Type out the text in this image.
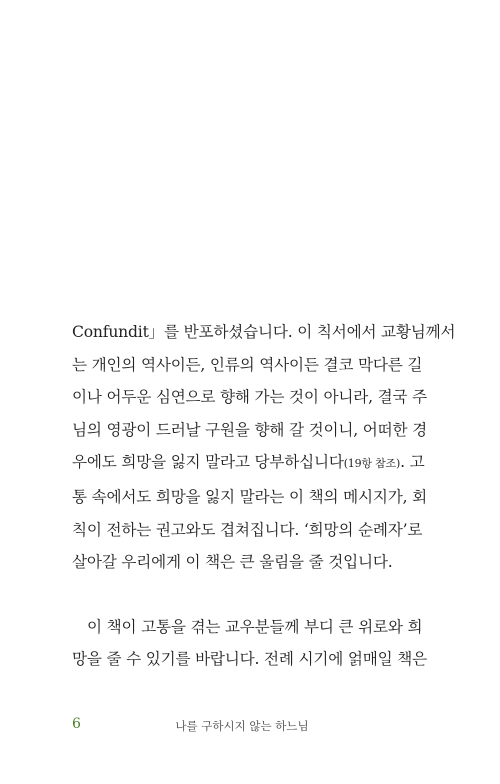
Confundit」를 반포하셨습니다. 이 칙서에서 교황님께서
는 개인의 역사이든, 인류의 역사이든 결코 막다른 길
이나 어두운 심연으로 향해 가는 것이 아니라, 결국 주
님의 영광이 드러날 구원을 향해 갈 것이니, 어떠한 경
우에도 희망을 잃지 말라고 당부하십니다(19항 참조). 고
통 속에서도 희망을 잃지 말라는 이 책의 메시지가, 회
칙이 전하는 권고와도 겹쳐집니다. ‘희망의 순례자’로
살아갈 우리에게 이 책은 큰 울림을 줄 것입니다.
이 책이 고통을 겪는 교우분들께 부디 큰 위로와 희
망을 줄 수 있기를 바랍니다. 전례 시기에 얽매일 책은
6	나를 구하시지 않는 하느님
